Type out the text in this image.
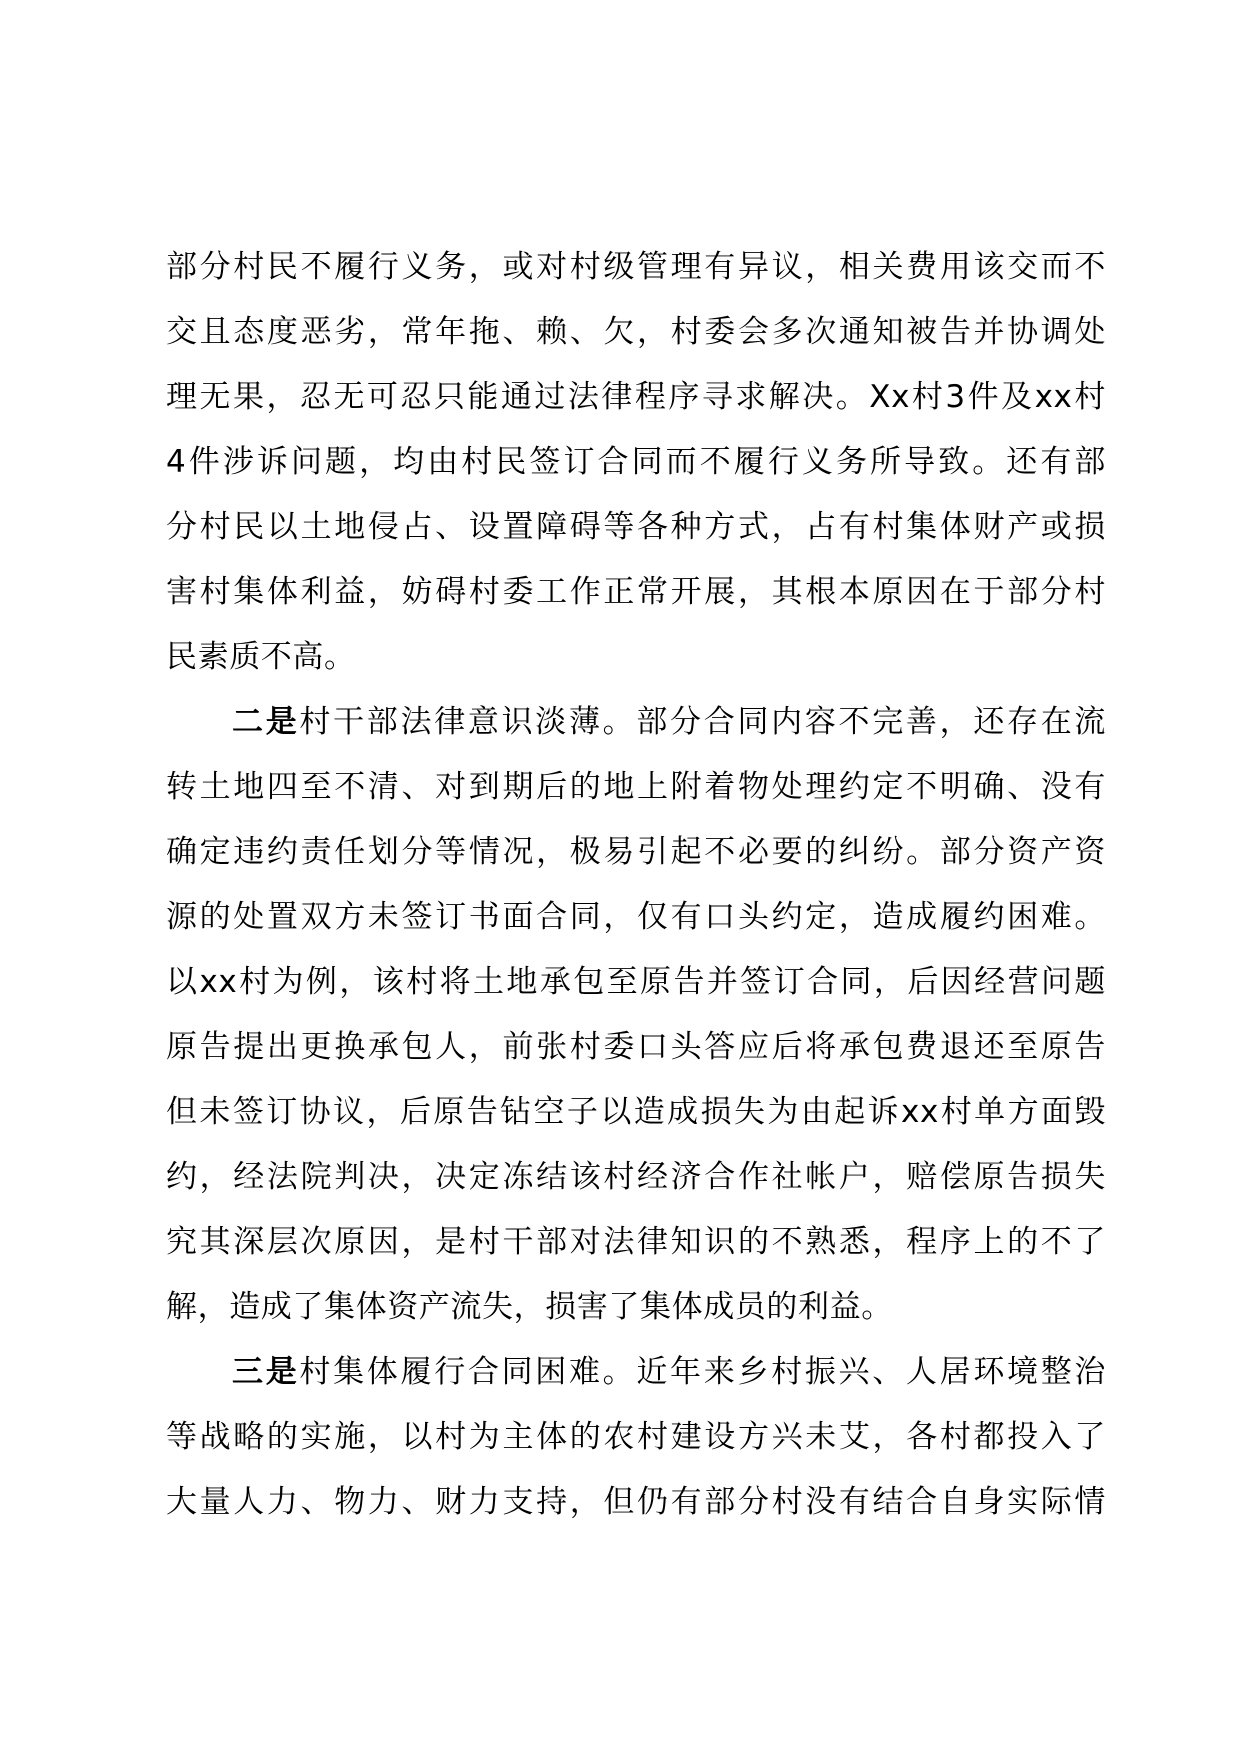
部分村民不履行义务，或对村级管理有异议，相关费用该交而不
交且态度恶劣，常年拖、赖、欠，村委会多次通知被告并协调处
理无果，忍无可忍只能通过法律程序寻求解决。Xx村3件及xx村
4件涉诉问题，均由村民签订合同而不履行义务所导致。还有部
分村民以土地侵占、设置障碍等各种方式，占有村集体财产或损
害村集体利益，妨碍村委工作正常开展，其根本原因在于部分村
民素质不高。
二是村干部法律意识淡薄。部分合同内容不完善，还存在流
转土地四至不清、对到期后的地上附着物处理约定不明确、没有
确定违约责任划分等情况，极易引起不必要的纠纷。部分资产资
源的处置双方未签订书面合同，仅有口头约定，造成履约困难。
以xx村为例，该村将土地承包至原告并签订合同，后因经营问题
原告提出更换承包人，前张村委口头答应后将承包费退还至原告
但未签订协议，后原告钻空子以造成损失为由起诉xx村单方面毁
约，经法院判决，决定冻结该村经济合作社帐户，赔偿原告损失
究其深层次原因，是村干部对法律知识的不熟悉，程序上的不了
解，造成了集体资产流失，损害了集体成员的利益。
三是村集体履行合同困难。近年来乡村振兴、人居环境整治
等战略的实施，以村为主体的农村建设方兴未艾，各村都投入了
大量人力、物力、财力支持，但仍有部分村没有结合自身实际情
